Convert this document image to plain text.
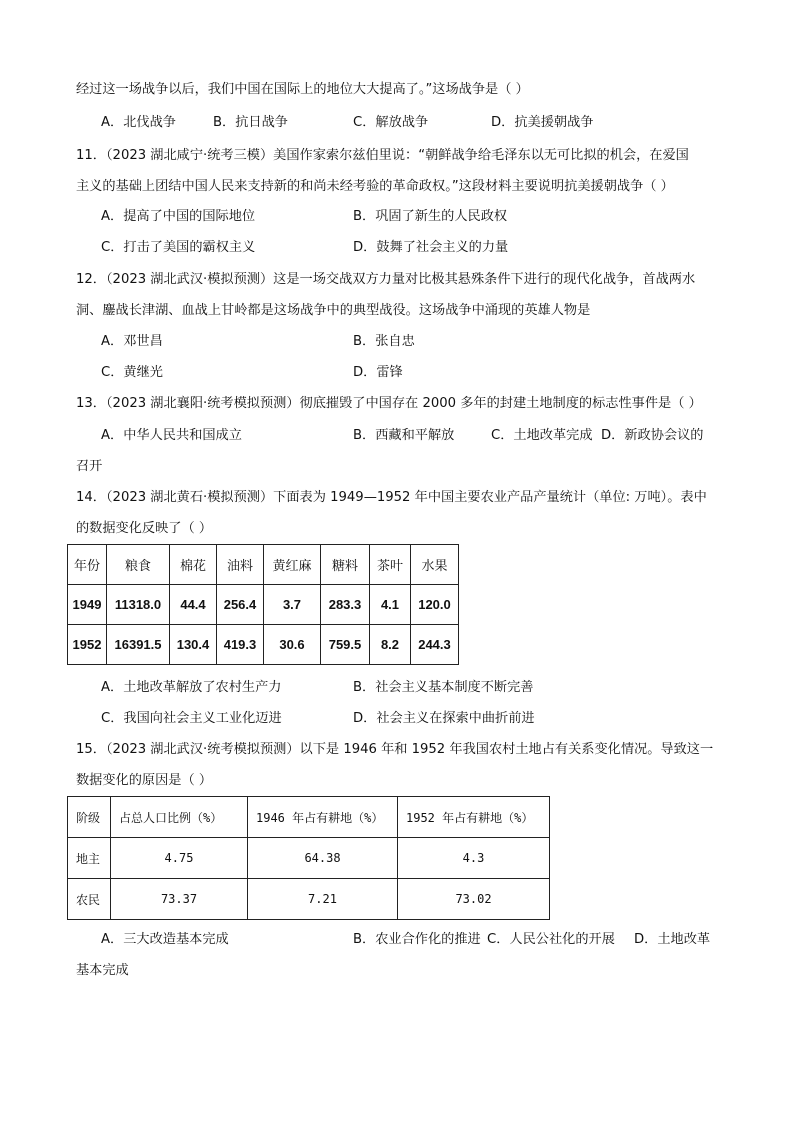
经过这一场战争以后，我们中国在国际上的地位大大提高了。”这场战争是（ ）
A．北伐战争	B．抗日战争	C．解放战争	D．抗美援朝战争
11．（2023 湖北咸宁·统考三模）美国作家索尔兹伯里说：“朝鲜战争给毛泽东以无可比拟的机会，在爱国
主义的基础上团结中国人民来支持新的和尚未经考验的革命政权。”这段材料主要说明抗美援朝战争（ ）
A．提高了中国的国际地位	B．巩固了新生的人民政权
C．打击了美国的霸权主义	D．鼓舞了社会主义的力量
12．（2023 湖北武汉·模拟预测）这是一场交战双方力量对比极其悬殊条件下进行的现代化战争，首战两水
洞、鏖战长津湖、血战上甘岭都是这场战争中的典型战役。这场战争中涌现的英雄人物是
A．邓世昌	B．张自忠
C．黄继光	D．雷锋
13．（2023 湖北襄阳·统考模拟预测）彻底摧毁了中国存在 2000 多年的封建土地制度的标志性事件是（ ）
A．中华人民共和国成立	B．西藏和平解放	C．土地改革完成 D．新政协会议的
召开
14．（2023 湖北黄石·模拟预测）下面表为 1949—1952 年中国主要农业产品产量统计（单位: 万吨）。表中
的数据变化反映了（ ）
年份	粮食	棉花	油料	黄红麻	糖料	茶叶	水果
1949	11318.0	44.4	256.4	3.7	283.3	4.1	120.0
1952	16391.5	130.4	419.3	30.6	759.5	8.2	244.3
A．土地改革解放了农村生产力	B．社会主义基本制度不断完善
C．我国向社会主义工业化迈进	D．社会主义在探索中曲折前进
15．（2023 湖北武汉·统考模拟预测）以下是 1946 年和 1952 年我国农村土地占有关系变化情况。导致这一
数据变化的原因是（ ）
阶级	占总人口比例（%）	1946 年占有耕地（%）	1952 年占有耕地（%）
地主	4.75	64.38	4.3
农民	73.37	7.21	73.02
A．三大改造基本完成	B．农业合作化的推进 C．人民公社化的开展 D．土地改革
基本完成
